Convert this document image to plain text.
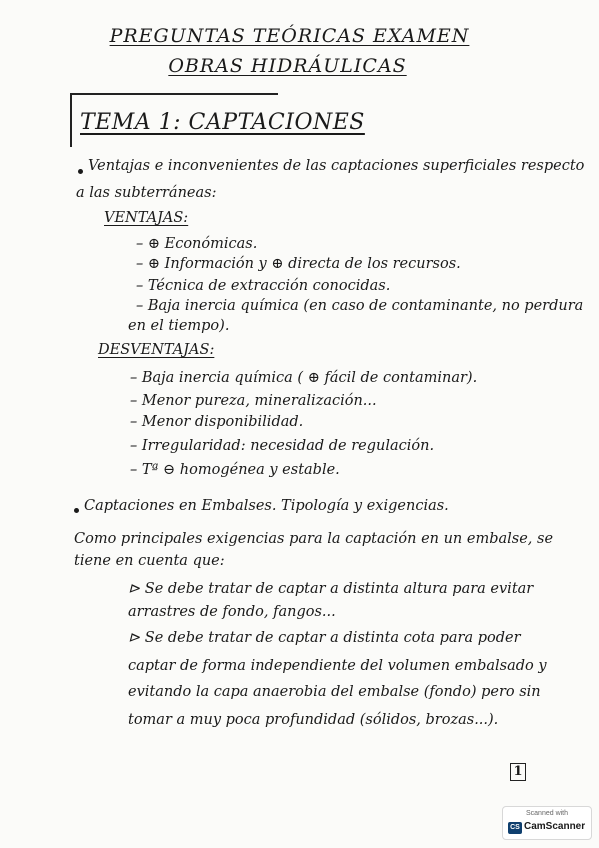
PREGUNTAS TEÓRICAS EXAMEN
OBRAS HIDRÁULICAS
TEMA 1: CAPTACIONES
Ventajas e inconvenientes de las captaciones superficiales respecto
a las subterráneas:
VENTAJAS:
– ⊕ Económicas.
– ⊕ Información y ⊕ directa de los recursos.
– Técnica de extracción conocidas.
– Baja inercia química (en caso de contaminante, no perdura
en el tiempo).
DESVENTAJAS:
– Baja inercia química ( ⊕ fácil de contaminar).
– Menor pureza, mineralización...
– Menor disponibilidad.
– Irregularidad: necesidad de regulación.
– Tª ⊖ homogénea y estable.
Captaciones en Embalses. Tipología y exigencias.
Como principales exigencias para la captación en un embalse, se
tiene en cuenta que:
⊳ Se debe tratar de captar a distinta altura para evitar
arrastres de fondo, fangos...
⊳ Se debe tratar de captar a distinta cota para poder
captar de forma independiente del volumen embalsado y
evitando la capa anaerobia del embalse (fondo) pero sin
tomar a muy poca profundidad (sólidos, brozas...).
1
Scanned with
CS CamScanner
